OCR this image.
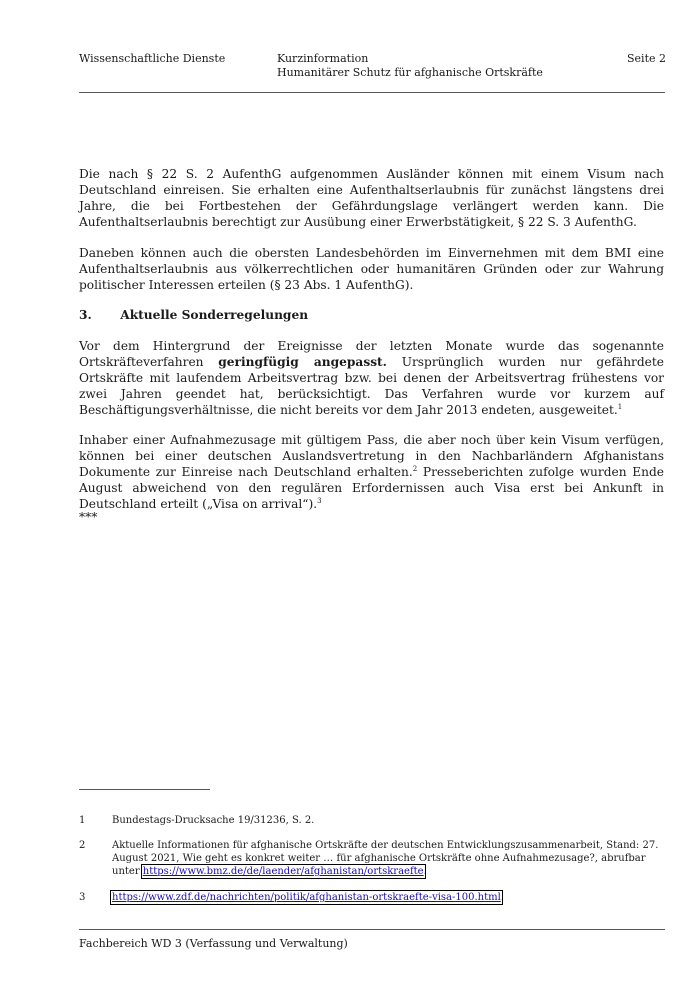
Wissenschaftliche Dienste	Kurzinformation
Humanitärer Schutz für afghanische Ortskräfte
Seite 2

Die nach § 22 S. 2 AufenthG aufgenommen Ausländer können mit einem Visum nach Deutschland einreisen. Sie erhalten eine Aufenthaltserlaubnis für zunächst längstens drei Jahre, die bei Fortbestehen der Gefährdungslage verlängert werden kann. Die Aufenthaltserlaubnis berechtigt zur Ausübung einer Erwerbstätigkeit, § 22 S. 3 AufenthG.

Daneben können auch die obersten Landesbehörden im Einvernehmen mit dem BMI eine Aufenthaltserlaubnis aus völkerrechtlichen oder humanitären Gründen oder zur Wahrung politischer Interessen erteilen (§ 23 Abs. 1 AufenthG).

3. Aktuelle Sonderregelungen

Vor dem Hintergrund der Ereignisse der letzten Monate wurde das sogenannte Ortskräfteverfahren geringfügig angepasst. Ursprünglich wurden nur gefährdete Ortskräfte mit laufendem Arbeitsvertrag bzw. bei denen der Arbeitsvertrag frühestens vor zwei Jahren geendet hat, berücksichtigt. Das Verfahren wurde vor kurzem auf Beschäftigungsverhältnisse, die nicht bereits vor dem Jahr 2013 endeten, ausgeweitet.$^1$

Inhaber einer Aufnahmezusage mit gültigem Pass, die aber noch über kein Visum verfügen, können bei einer deutschen Auslandsvertretung in den Nachbarländern Afghanistans Dokumente zur Einreise nach Deutschland erhalten.$^2$ Presseberichten zufolge wurden Ende August abweichend von den regulären Erfordernissen auch Visa erst bei Ankunft in Deutschland erteilt („Visa on arrival“).$^3$

***
1	Bundestags-Drucksache 19/31236, S. 2.
2	Aktuelle Informationen für afghanische Ortskräfte der deutschen Entwicklungszusammenarbeit, Stand: 27. August 2021, Wie geht es konkret weiter … für afghanische Ortskräfte ohne Aufnahmezusage?, abrufbar unter https://www.bmz.de/de/laender/afghanistan/ortskraefte.
3	https://www.zdf.de/nachrichten/politik/afghanistan-ortskraefte-visa-100.html.
Fachbereich WD 3 (Verfassung und Verwaltung)
